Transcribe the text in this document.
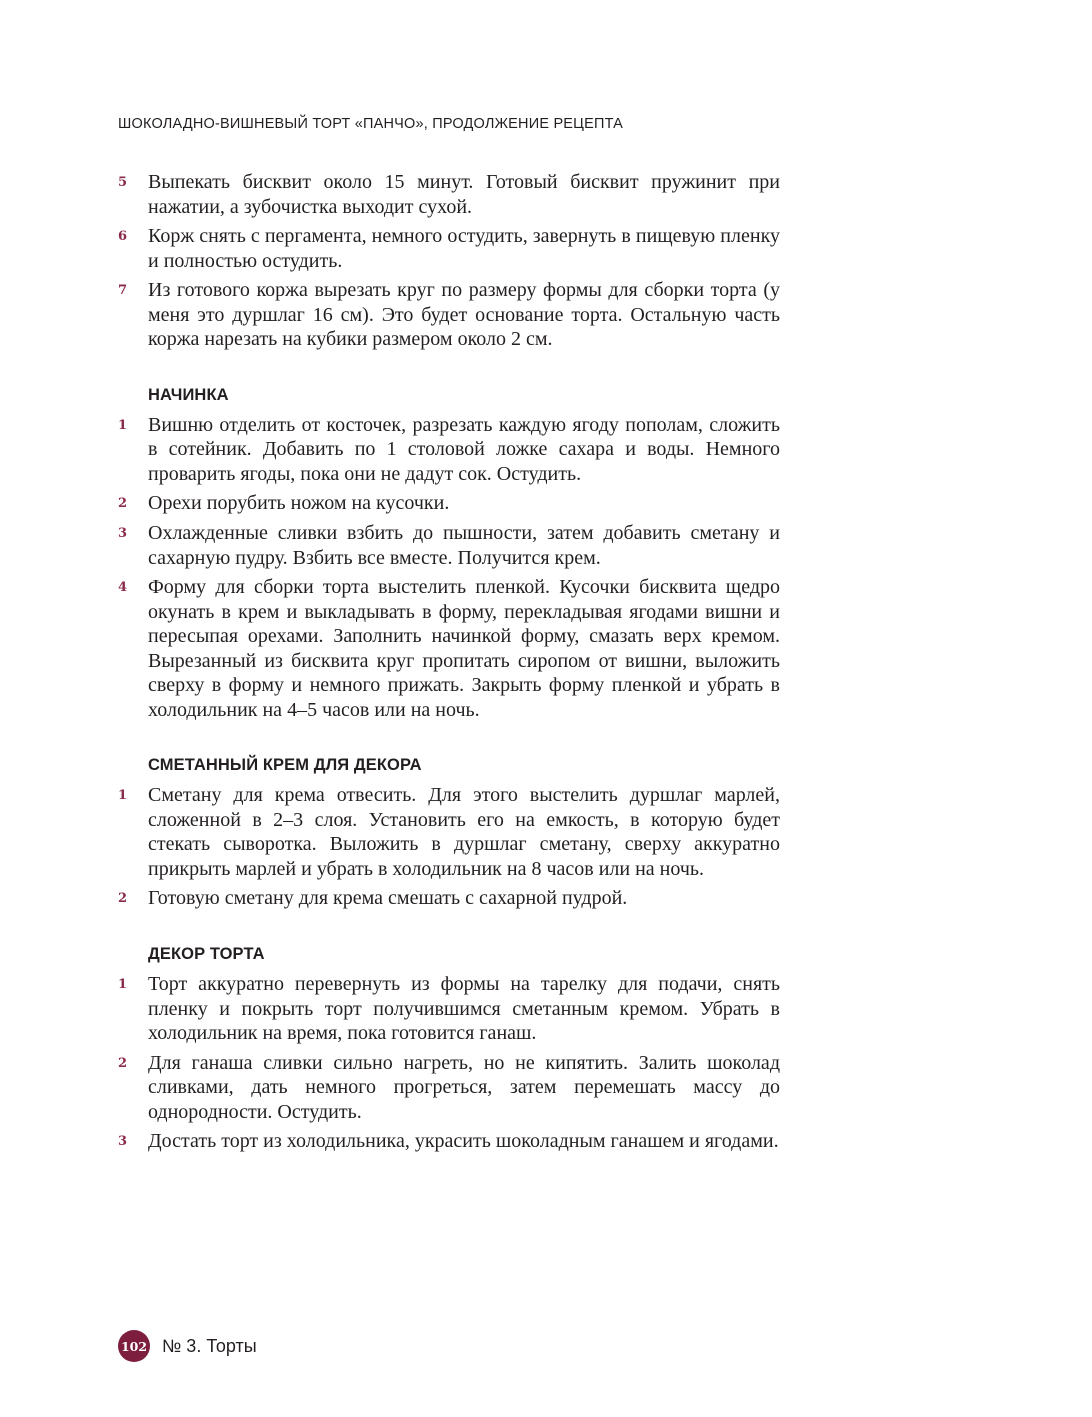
ШОКОЛАДНО-ВИШНЕВЫЙ ТОРТ «ПАНЧО», ПРОДОЛЖЕНИЕ РЕЦЕПТА
5	Выпекать бисквит около 15 минут. Готовый бисквит пружинит при нажатии, а зубочистка выходит сухой.
6	Корж снять с пергамента, немного остудить, завернуть в пищевую пленку и полностью остудить.
7	Из готового коржа вырезать круг по размеру формы для сборки торта (у меня это дуршлаг 16 см). Это будет основание торта. Остальную часть коржа нарезать на кубики размером около 2 см.
НАЧИНКА
1	Вишню отделить от косточек, разрезать каждую ягоду пополам, сложить в сотейник. Добавить по 1 столовой ложке сахара и воды. Немного проварить ягоды, пока они не дадут сок. Остудить.
2	Орехи порубить ножом на кусочки.
3	Охлажденные сливки взбить до пышности, затем добавить сметану и сахарную пудру. Взбить все вместе. Получится крем.
4	Форму для сборки торта выстелить пленкой. Кусочки бисквита щедро окунать в крем и выкладывать в форму, перекладывая ягодами вишни и пересыпая орехами. Заполнить начинкой форму, смазать верх кремом. Вырезанный из бисквита круг пропитать сиропом от вишни, выложить сверху в форму и немного прижать. Закрыть форму пленкой и убрать в холодильник на 4–5 часов или на ночь.
СМЕТАННЫЙ КРЕМ ДЛЯ ДЕКОРА
1	Сметану для крема отвесить. Для этого выстелить дуршлаг марлей, сложенной в 2–3 слоя. Установить его на емкость, в которую будет стекать сыворотка. Выложить в дуршлаг сметану, сверху аккуратно прикрыть марлей и убрать в холодильник на 8 часов или на ночь.
2	Готовую сметану для крема смешать с сахарной пудрой.
ДЕКОР ТОРТА
1	Торт аккуратно перевернуть из формы на тарелку для подачи, снять пленку и покрыть торт получившимся сметанным кремом. Убрать в холодильник на время, пока готовится ганаш.
2	Для ганаша сливки сильно нагреть, но не кипятить. Залить шоколад сливками, дать немного прогреться, затем перемешать массу до однородности. Остудить.
3	Достать торт из холодильника, украсить шоколадным ганашем и ягодами.
102 № 3. Торты
